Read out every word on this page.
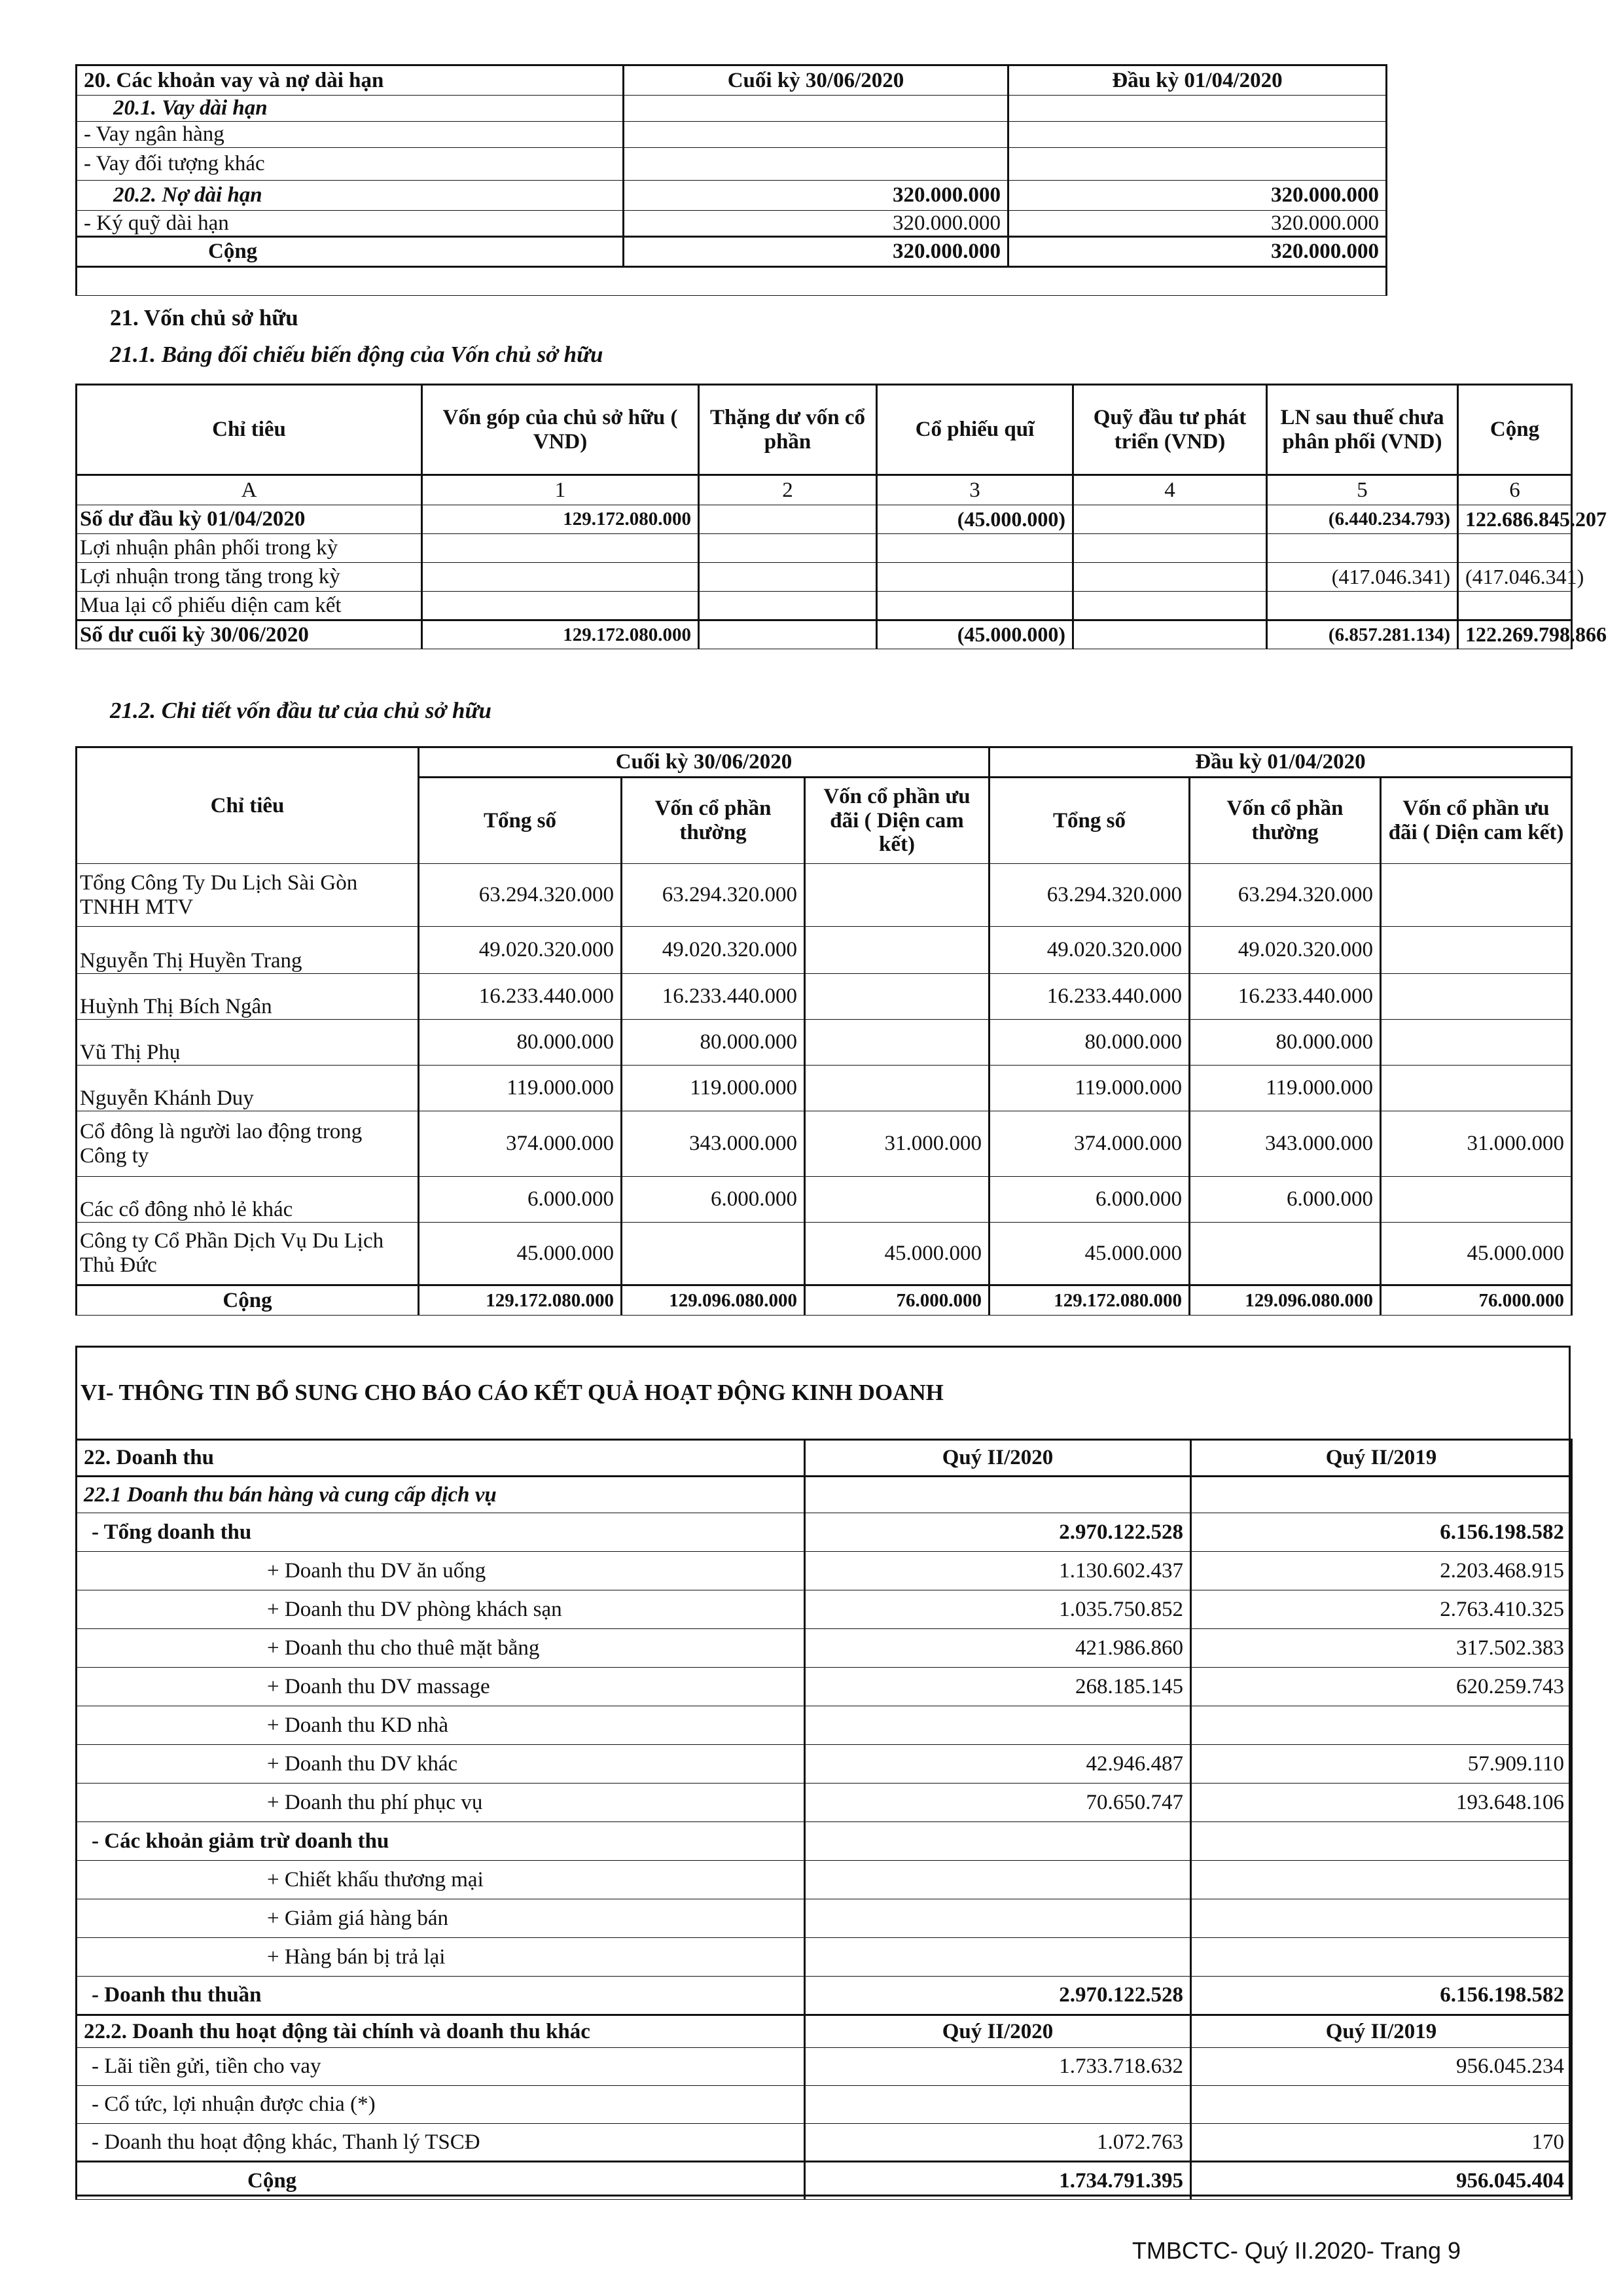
20. Các khoản vay và nợ dài hạn	Cuối kỳ 30/06/2020	Đầu kỳ 01/04/2020
20.1. Vay dài hạn		
- Vay ngân hàng		
- Vay đối tượng khác		
20.2. Nợ dài hạn	320.000.000	320.000.000
- Ký quỹ dài hạn	320.000.000	320.000.000
Cộng	320.000.000	320.000.000

21. Vốn chủ sở hữu
21.1. Bảng đối chiếu biến động của Vốn chủ sở hữu
Chỉ tiêu	Vốn góp của chủ sở hữu ( VND)	Thặng dư vốn cổ phần	Cổ phiếu quĩ	Quỹ đầu tư phát triển (VND)	LN sau thuế chưa phân phối (VND)	Cộng
A	1	2	3	4	5	6
Số dư đầu kỳ 01/04/2020	129.172.080.000		(45.000.000)		(6.440.234.793)	122.686.845.207
Lợi nhuận phân phối trong kỳ						
Lợi nhuận trong tăng trong kỳ					(417.046.341)	(417.046.341)
Mua lại cổ phiếu diện cam kết						
Số dư cuối kỳ 30/06/2020	129.172.080.000		(45.000.000)		(6.857.281.134)	122.269.798.866
21.2. Chi tiết vốn đầu tư của chủ sở hữu
Chỉ tiêu	Cuối kỳ 30/06/2020			Đầu kỳ 01/04/2020		
	Tổng số	Vốn cổ phần thường	Vốn cổ phần ưu đãi ( Diện cam kết)	Tổng số	Vốn cổ phần thường	Vốn cổ phần ưu đãi ( Diện cam kết)
Tổng Công Ty Du Lịch Sài Gòn TNHH MTV	63.294.320.000	63.294.320.000		63.294.320.000	63.294.320.000	
Nguyễn Thị Huyền Trang	49.020.320.000	49.020.320.000		49.020.320.000	49.020.320.000	
Huỳnh Thị Bích Ngân	16.233.440.000	16.233.440.000		16.233.440.000	16.233.440.000	
Vũ Thị Phụ	80.000.000	80.000.000		80.000.000	80.000.000	
Nguyễn Khánh Duy	119.000.000	119.000.000		119.000.000	119.000.000	
Cổ đông là người lao động trong Công ty	374.000.000	343.000.000	31.000.000	374.000.000	343.000.000	31.000.000
Các cổ đông nhỏ lẻ khác	6.000.000	6.000.000		6.000.000	6.000.000	
Công ty Cổ Phần Dịch Vụ Du Lịch Thủ Đức	45.000.000		45.000.000	45.000.000		45.000.000
Cộng	129.172.080.000	129.096.080.000	76.000.000	129.172.080.000	129.096.080.000	76.000.000
VI- THÔNG TIN BỔ SUNG CHO BÁO CÁO KẾT QUẢ HOẠT ĐỘNG KINH DOANH
22. Doanh thu	Quý II/2020	Quý II/2019
22.1 Doanh thu bán hàng và cung cấp dịch vụ		
- Tổng doanh thu	2.970.122.528	6.156.198.582
+ Doanh thu DV ăn uống	1.130.602.437	2.203.468.915
+ Doanh thu DV phòng khách sạn	1.035.750.852	2.763.410.325
+ Doanh thu cho thuê mặt bằng	421.986.860	317.502.383
+ Doanh thu DV massage	268.185.145	620.259.743
+ Doanh thu KD nhà		
+ Doanh thu DV khác	42.946.487	57.909.110
+ Doanh thu phí phục vụ	70.650.747	193.648.106
- Các khoản giảm trừ doanh thu		
+ Chiết khấu thương mại		
+ Giảm giá hàng bán		
+ Hàng bán bị trả lại		
- Doanh thu thuần	2.970.122.528	6.156.198.582
22.2. Doanh thu hoạt động tài chính và doanh thu khác	Quý II/2020	Quý II/2019
- Lãi tiền gửi, tiền cho vay	1.733.718.632	956.045.234
- Cổ tức, lợi nhuận được chia (*)		
- Doanh thu hoạt động khác, Thanh lý TSCĐ	1.072.763	170
Cộng	1.734.791.395	956.045.404
TMBCTC- Quý II.2020- Trang 9
